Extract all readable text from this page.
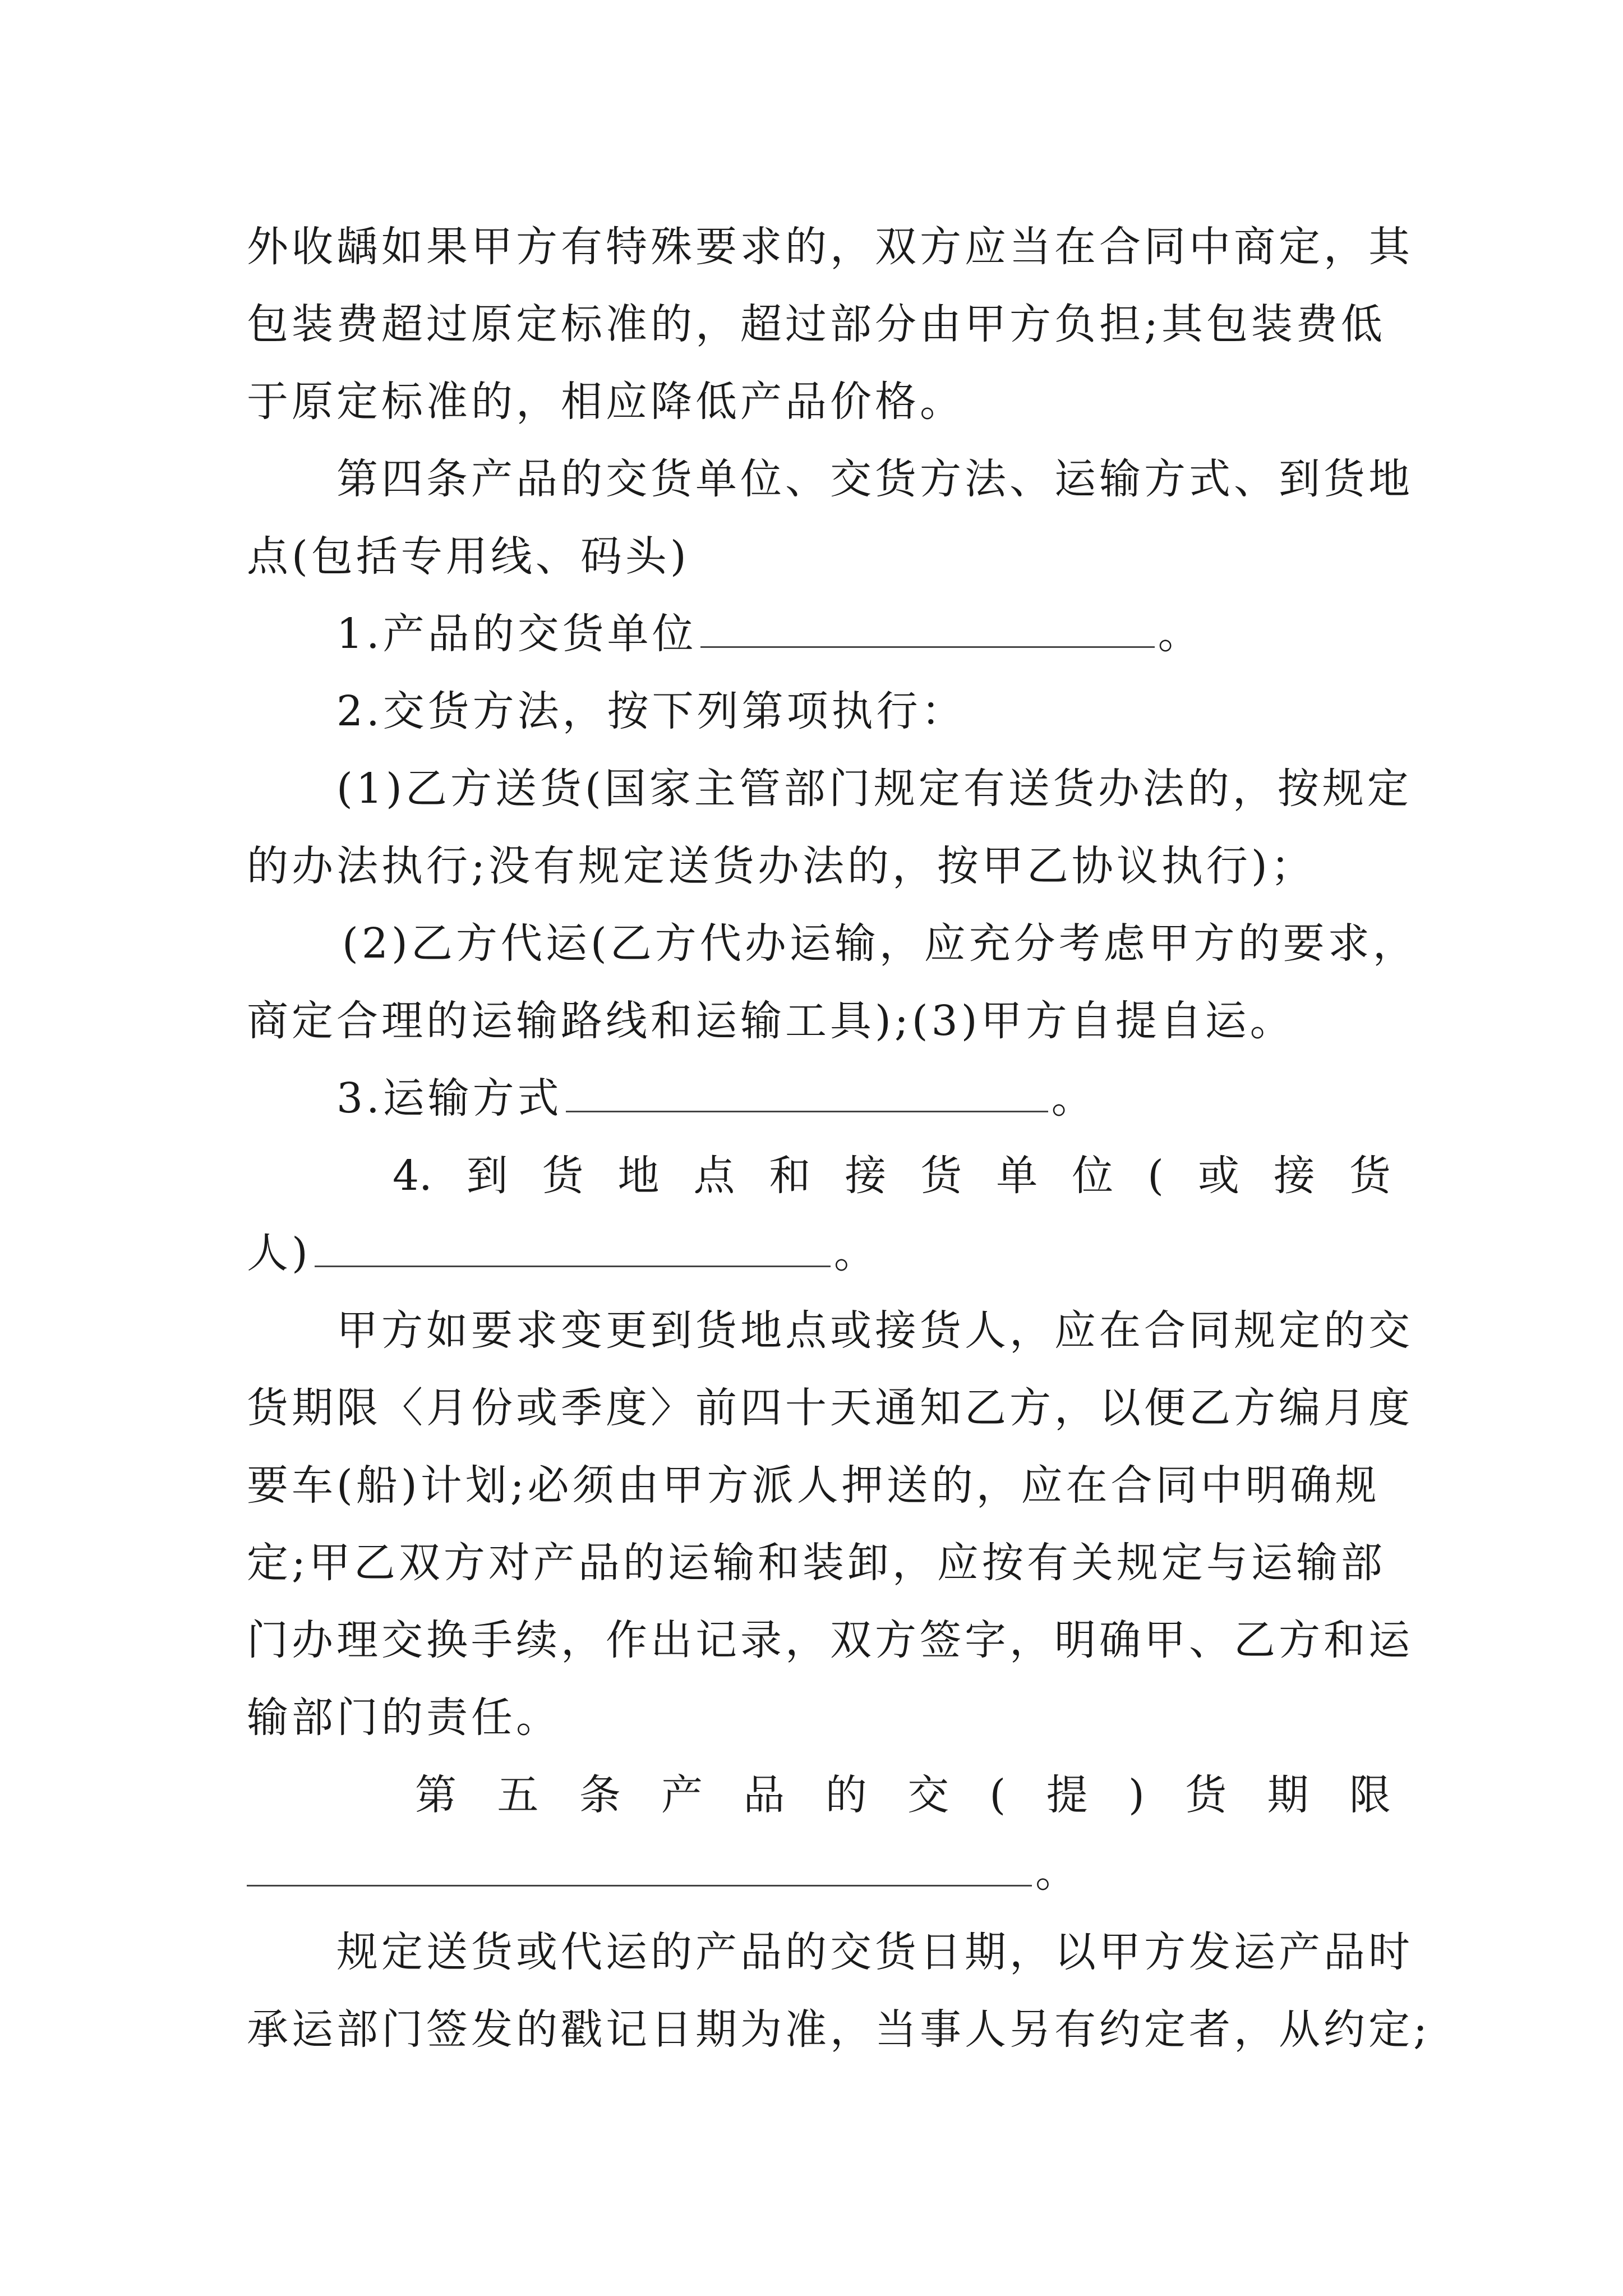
外收龋如果甲方有特殊要求的，双方应当在合同中商定，其
包装费超过原定标准的，超过部分由甲方负担;其包装费低
于原定标准的，相应降低产品价格。
第四条产品的交货单位、交货方法、运输方式、到货地
点(包括专用线、码头)
1.产品的交货单位	。
2.交货方法，按下列第项执行：
(1)乙方送货(国家主管部门规定有送货办法的，按规定
的办法执行;没有规定送货办法的，按甲乙协议执行)；
(2)乙方代运(乙方代办运输，应充分考虑甲方的要求，
商定合理的运输路线和运输工具);(3)甲方自提自运。
3.运输方式	。
4. 到 货 地 点 和 接 货 单 位 ( 或 接 货
人)	。
甲方如要求变更到货地点或接货人，应在合同规定的交
货期限〈月份或季度〉前四十天通知乙方，以便乙方编月度
要车(船)计划;必须由甲方派人押送的，应在合同中明确规
定;甲乙双方对产品的运输和装卸，应按有关规定与运输部
门办理交换手续，作出记录，双方签字，明确甲、乙方和运
输部门的责任。
第 五 条 产 品 的 交 ( 提 ) 货 期 限
。
规定送货或代运的产品的交货日期，以甲方发运产品时
承运部门签发的戳记日期为准，当事人另有约定者，从约定;
